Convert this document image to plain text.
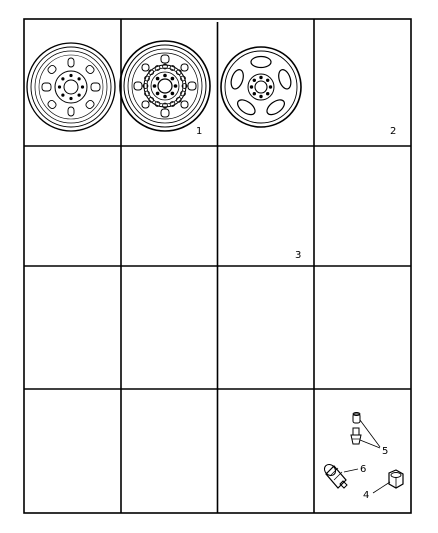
1	2
3
5
6
4
